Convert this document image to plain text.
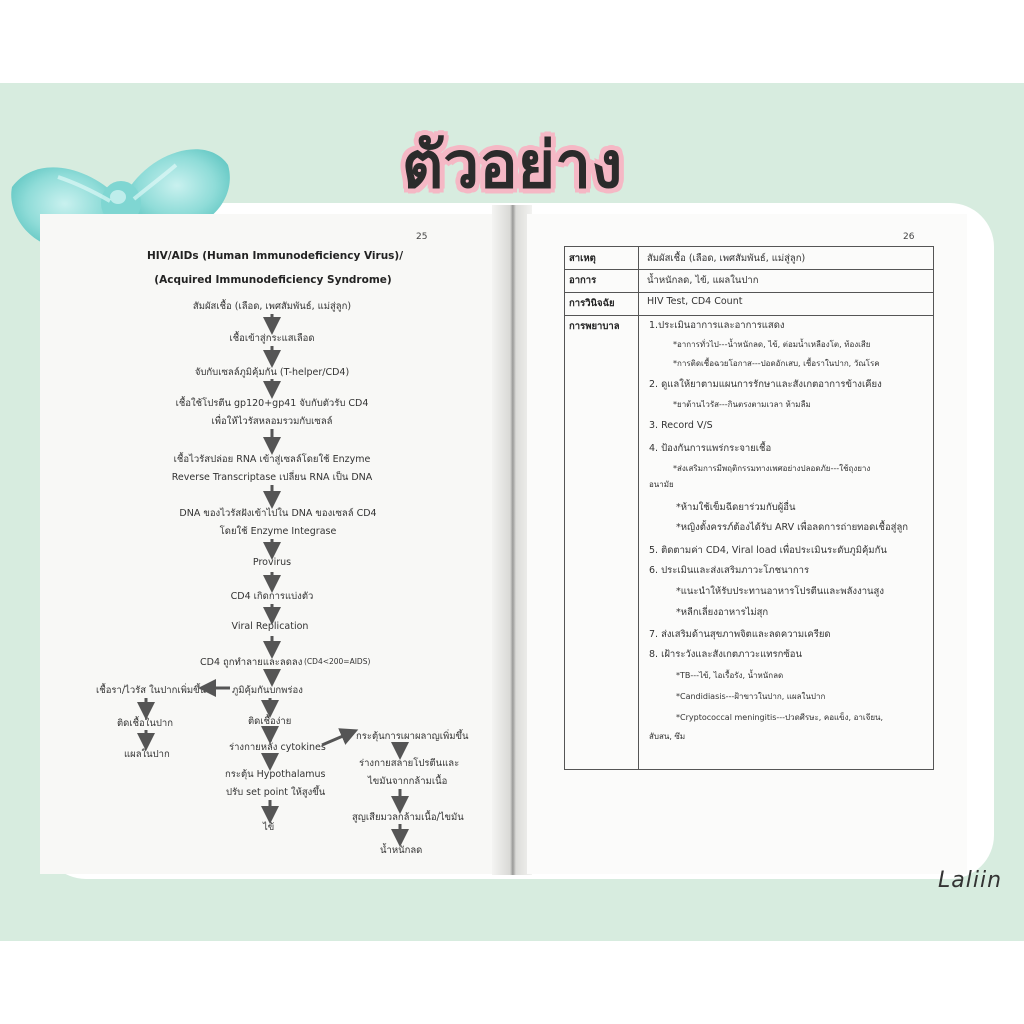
ตัวอย่าง
25
HIV/AIDs (Human Immunodeficiency Virus)/
(Acquired Immunodeficiency Syndrome)
สัมผัสเชื้อ (เลือด, เพศสัมพันธ์, แม่สู่ลูก)
เชื้อเข้าสู่กระแสเลือด
จับกับเซลล์ภูมิคุ้มกัน (T-helper/CD4)
เชื้อใช้โปรตีน gp120+gp41 จับกับตัวรับ CD4
เพื่อให้ไวรัสหลอมรวมกับเซลล์
เชื้อไวรัสปล่อย RNA เข้าสู่เซลล์โดยใช้ Enzyme
Reverse Transcriptase เปลี่ยน RNA เป็น DNA
DNA ของไวรัสฝังเข้าไปใน DNA ของเซลล์ CD4
โดยใช้ Enzyme Integrase
Provirus
CD4 เกิดการแบ่งตัว
Viral Replication
CD4 ถูกทำลายและลดลง (CD4<200=AIDS)
ภูมิคุ้มกันบกพร่อง
เชื้อรา/ไวรัส ในปากเพิ่มขึ้น
ติดเชื้อในปาก
แผลในปาก
ติดเชื้อง่าย
ร่างกายหลั่ง cytokines
กระตุ้นการเผาผลาญเพิ่มขึ้น
ร่างกายสลายโปรตีนและ
ไขมันจากกล้ามเนื้อ
สูญเสียมวลกล้ามเนื้อ/ไขมัน
น้ำหนักลด
กระตุ้น Hypothalamus
ปรับ set point ให้สูงขึ้น
ไข้
26
สาเหตุ	สัมผัสเชื้อ (เลือด, เพศสัมพันธ์, แม่สู่ลูก)
อาการ	น้ำหนักลด, ไข้, แผลในปาก
การวินิจฉัย	HIV Test, CD4 Count
การพยาบาล	1.ประเมินอาการและอาการแสดง
*อาการทั่วไป---น้ำหนักลด, ไข้, ต่อมน้ำเหลืองโต, ท้องเสีย
*การติดเชื้อฉวยโอกาส---ปอดอักเสบ, เชื้อราในปาก, วัณโรค
2. ดูแลให้ยาตามแผนการรักษาและสังเกตอาการข้างเคียง
*ยาต้านไวรัส---กินตรงตามเวลา ห้ามลืม
3. Record V/S
4. ป้องกันการแพร่กระจายเชื้อ
*ส่งเสริมการมีพฤติกรรมทางเพศอย่างปลอดภัย---ใช้ถุงยาง
อนามัย
*ห้ามใช้เข็มฉีดยาร่วมกับผู้อื่น
*หญิงตั้งครรภ์ต้องได้รับ ARV เพื่อลดการถ่ายทอดเชื้อสู่ลูก
5. ติดตามค่า CD4, Viral load เพื่อประเมินระดับภูมิคุ้มกัน
6. ประเมินและส่งเสริมภาวะโภชนาการ
*แนะนำให้รับประทานอาหารโปรตีนและพลังงานสูง
*หลีกเลี่ยงอาหารไม่สุก
7. ส่งเสริมด้านสุขภาพจิตและลดความเครียด
8. เฝ้าระวังและสังเกตภาวะแทรกซ้อน
*TB---ไข้, ไอเรื้อรัง, น้ำหนักลด
*Candidiasis---ฝ้าขาวในปาก, แผลในปาก
*Cryptococcal meningitis---ปวดศีรษะ, คอแข็ง, อาเจียน,
สับสน, ซึม
Laliin
